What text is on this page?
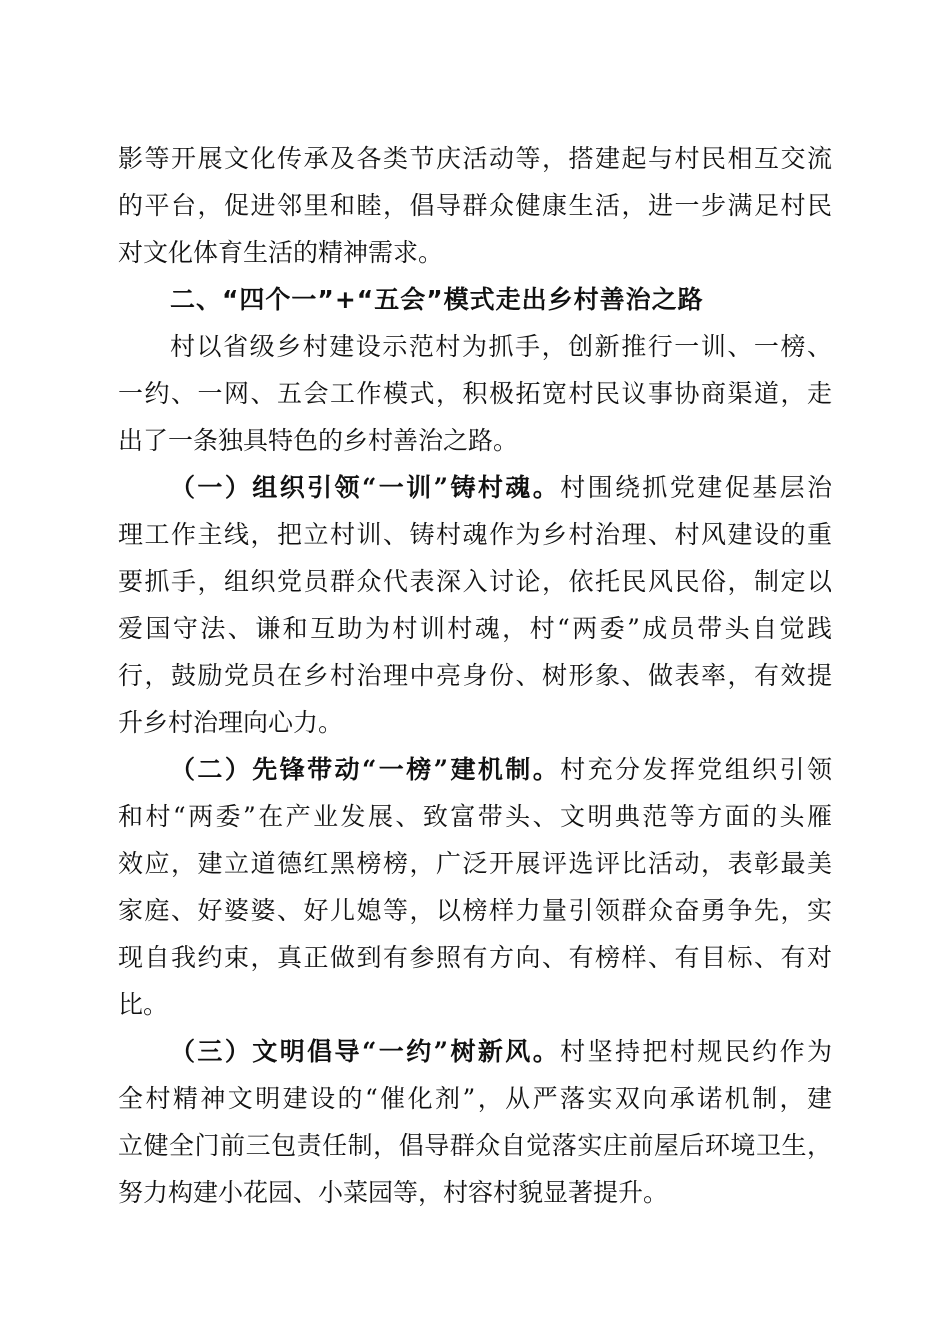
影等开展文化传承及各类节庆活动等，搭建起与村民相互交流
的平台，促进邻里和睦，倡导群众健康生活，进一步满足村民
对文化体育生活的精神需求。
二、“四个一”+“五会”模式走出乡村善治之路
村以省级乡村建设示范村为抓手，创新推行一训、一榜、
一约、一网、五会工作模式，积极拓宽村民议事协商渠道，走
出了一条独具特色的乡村善治之路。
（一）组织引领“一训”铸村魂。村围绕抓党建促基层治
理工作主线，把立村训、铸村魂作为乡村治理、村风建设的重
要抓手，组织党员群众代表深入讨论，依托民风民俗，制定以
爱国守法、谦和互助为村训村魂，村“两委”成员带头自觉践
行，鼓励党员在乡村治理中亮身份、树形象、做表率，有效提
升乡村治理向心力。
（二）先锋带动“一榜”建机制。村充分发挥党组织引领
和村“两委”在产业发展、致富带头、文明典范等方面的头雁
效应，建立道德红黑榜榜，广泛开展评选评比活动，表彰最美
家庭、好婆婆、好儿媳等，以榜样力量引领群众奋勇争先，实
现自我约束，真正做到有参照有方向、有榜样、有目标、有对
比。
（三）文明倡导“一约”树新风。村坚持把村规民约作为
全村精神文明建设的“催化剂”，从严落实双向承诺机制，建
立健全门前三包责任制，倡导群众自觉落实庄前屋后环境卫生，
努力构建小花园、小菜园等，村容村貌显著提升。
